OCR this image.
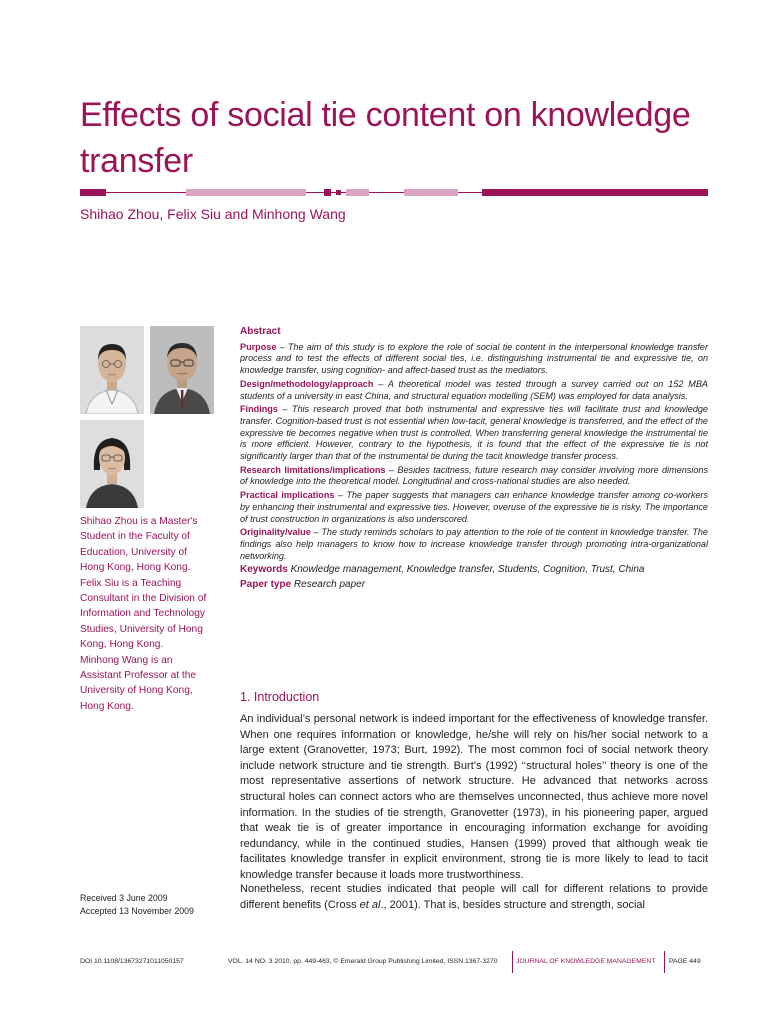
Effects of social tie content on knowledge
transfer
Shihao Zhou, Felix Siu and Minhong Wang
Shihao Zhou is a Master's
Student in the Faculty of
Education, University of
Hong Kong, Hong Kong.
Felix Siu is a Teaching
Consultant in the Division of
Information and Technology
Studies, University of Hong
Kong, Hong Kong.
Minhong Wang is an
Assistant Professor at the
University of Hong Kong,
Hong Kong.
Received 3 June 2009
Accepted 13 November 2009
Abstract
Purpose – The aim of this study is to explore the role of social tie content in the interpersonal knowledge transfer process and to test the effects of different social ties, i.e. distinguishing instrumental tie and expressive tie, on knowledge transfer, using cognition- and affect-based trust as the mediators.
Design/methodology/approach – A theoretical model was tested through a survey carried out on 152 MBA students of a university in east China, and structural equation modelling (SEM) was employed for data analysis.
Findings – This research proved that both instrumental and expressive ties will facilitate trust and knowledge transfer. Cognition-based trust is not essential when low-tacit, general knowledge is transferred, and the effect of the expressive tie becomes negative when trust is controlled. When transferring general knowledge the instrumental tie is more efficient. However, contrary to the hypothesis, it is found that the effect of the expressive tie is not significantly larger than that of the instrumental tie during the tacit knowledge transfer process.
Research limitations/implications – Besides tacitness, future research may consider involving more dimensions of knowledge into the theoretical model. Longitudinal and cross-national studies are also needed.
Practical implications – The paper suggests that managers can enhance knowledge transfer among co-workers by enhancing their instrumental and expressive ties. However, overuse of the expressive tie is risky. The importance of trust construction in organizations is also underscored.
Originality/value – The study reminds scholars to pay attention to the role of tie content in knowledge transfer. The findings also help managers to know how to increase knowledge transfer through promoting intra-organizational networking.
Keywords Knowledge management, Knowledge transfer, Students, Cognition, Trust, China
Paper type Research paper
1. Introduction

An individual’s personal network is indeed important for the effectiveness of knowledge transfer. When one requires information or knowledge, he/she will rely on his/her social network to a large extent (Granovetter, 1973; Burt, 1992). The most common foci of social network theory include network structure and tie strength. Burt’s (1992) ‘‘structural holes’’ theory is one of the most representative assertions of network structure. He advanced that networks across structural holes can connect actors who are themselves unconnected, thus achieve more novel information. In the studies of tie strength, Granovetter (1973), in his pioneering paper, argued that weak tie is of greater importance in encouraging information exchange for avoiding redundancy, while in the continued studies, Hansen (1999) proved that although weak tie facilitates knowledge transfer in explicit environment, strong tie is more likely to lead to tacit knowledge transfer because it loads more trustworthiness.

Nonetheless, recent studies indicated that people will call for different relations to provide different benefits (Cross et al., 2001). That is, besides structure and strength, social

DOI 10.1108/13673271011050157	VOL. 14 NO. 3 2010, pp. 449-463, © Emerald Group Publishing Limited, ISSN 1367-3270	JOURNAL OF KNOWLEDGE MANAGEMENT PAGE 449
